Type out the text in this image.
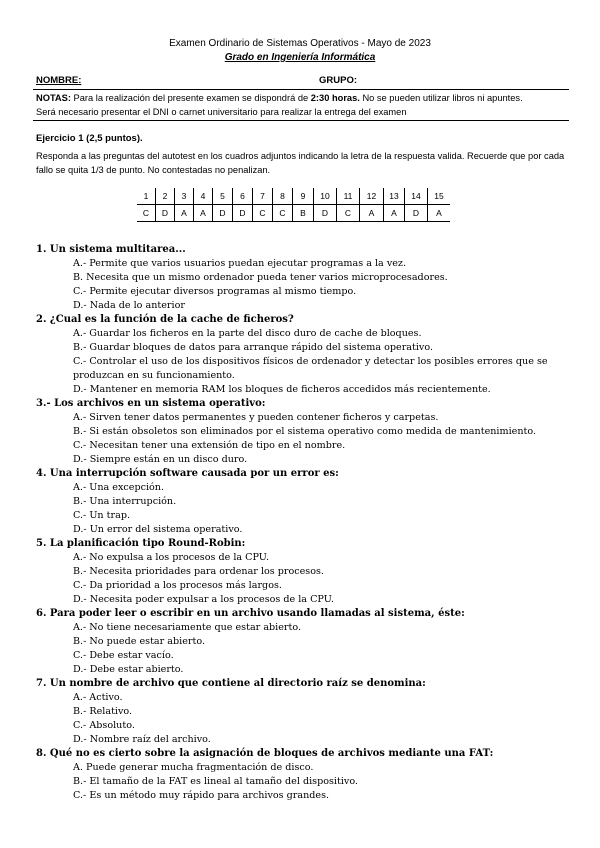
Examen Ordinario de Sistemas Operativos - Mayo de 2023
Grado en Ingeniería Informática
NOMBRE:	GRUPO:
NOTAS: Para la realización del presente examen se dispondrá de 2:30 horas. No se pueden utilizar libros ni apuntes.
Será necesario presentar el DNI o carnet universitario para realizar la entrega del examen
Ejercicio 1 (2,5 puntos).
Responda a las preguntas del autotest en los cuadros adjuntos indicando la letra de la respuesta valida. Recuerde que por cada fallo se quita 1/3 de punto. No contestadas no penalizan.
1	2	3	4	5	6	7	8	9	10	11	12	13	14	15
C	D	A	A	D	D	C	C	B	D	C	A	A	D	A
1. Un sistema multitarea...
A.- Permite que varios usuarios puedan ejecutar programas a la vez.
B. Necesita que un mismo ordenador pueda tener varios microprocesadores.
C.- Permite ejecutar diversos programas al mismo tiempo.
D.- Nada de lo anterior
2. ¿Cual es la función de la cache de ficheros?
A.- Guardar los ficheros en la parte del disco duro de cache de bloques.
B.- Guardar bloques de datos para arranque rápido del sistema operativo.
C.- Controlar el uso de los dispositivos físicos de ordenador y detectar los posibles errores que se produzcan en su funcionamiento.
D.- Mantener en memoria RAM los bloques de ficheros accedidos más recientemente.
3.- Los archivos en un sistema operativo:
A.- Sirven tener datos permanentes y pueden contener ficheros y carpetas.
B.- Si están obsoletos son eliminados por el sistema operativo como medida de mantenimiento.
C.- Necesitan tener una extensión de tipo en el nombre.
D.- Siempre están en un disco duro.
4. Una interrupción software causada por un error es:
A.- Una excepción.
B.- Una interrupción.
C.- Un trap.
D.- Un error del sistema operativo.
5. La planificación tipo Round-Robin:
A.- No expulsa a los procesos de la CPU.
B.- Necesita prioridades para ordenar los procesos.
C.- Da prioridad a los procesos más largos.
D.- Necesita poder expulsar a los procesos de la CPU.
6. Para poder leer o escribir en un archivo usando llamadas al sistema, éste:
A.- No tiene necesariamente que estar abierto.
B.- No puede estar abierto.
C.- Debe estar vacío.
D.- Debe estar abierto.
7. Un nombre de archivo que contiene al directorio raíz se denomina:
A.- Activo.
B.- Relativo.
C.- Absoluto.
D.- Nombre raíz del archivo.
8. Qué no es cierto sobre la asignación de bloques de archivos mediante una FAT:
A. Puede generar mucha fragmentación de disco.
B.- El tamaño de la FAT es lineal al tamaño del dispositivo.
C.- Es un método muy rápido para archivos grandes.
